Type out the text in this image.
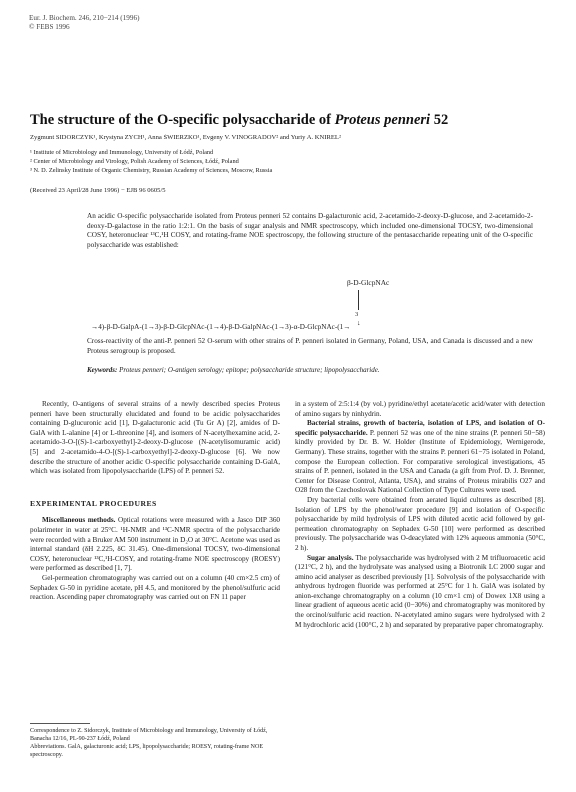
Eur. J. Biochem. 246, 210−214 (1996)
© FEBS 1996
The structure of the O-specific polysaccharide of Proteus penneri 52
Zygmunt SIDORCZYK¹, Krystyna ZYCH¹, Anna ŚWIERZKO¹, Evgeny V. VINOGRADOV² and Yuriy A. KNIREL²
¹ Institute of Microbiology and Immunology, University of Łódź, Poland
² Center of Microbiology and Virology, Polish Academy of Sciences, Łódź, Poland
³ N. D. Zelinsky Institute of Organic Chemistry, Russian Academy of Sciences, Moscow, Russia
(Received 23 April/28 June 1996) − EJB 96 0605/5
An acidic O-specific polysaccharide isolated from Proteus penneri 52 contains D-galacturonic acid, 2-acetamido-2-deoxy-D-glucose, and 2-acetamido-2-deoxy-D-galactose in the ratio 1:2:1. On the basis of sugar analysis and NMR spectroscopy, which included one-dimensional TOCSY, two-dimensional COSY, heteronuclear ¹³C,¹H COSY, and rotating-frame NOE spectroscopy, the following structure of the pentasaccharide repeating unit of the O-specific polysaccharide was established:
β-D-GlcpNAc
3
↓
→4)-β-D-GalpA-(1→3)-β-D-GlcpNAc-(1→4)-β-D-GalpNAc-(1→3)-α-D-GlcpNAc-(1→
Cross-reactivity of the anti-P. penneri 52 O-serum with other strains of P. penneri isolated in Germany, Poland, USA, and Canada is discussed and a new Proteus serogroup is proposed.
Keywords: Proteus penneri; O-antigen serology; epitope; polysaccharide structure; lipopolysaccharide.

Recently, O-antigens of several strains of a newly described species Proteus penneri have been structurally elucidated and found to be acidic polysaccharides containing D-glucuronic acid [1], D-galacturonic acid (Tu Gr A) [2], amides of D-GalA with L-alanine [4] or L-threonine [4], and isomers of N-acetylhexamine acid, 2-acetamido-3-O-[(S)-1-carboxyethyl]-2-deoxy-D-glucose (N-acetylisomuramic acid) [5] and 2-acetamido-4-O-[(S)-1-carboxyethyl]-2-deoxy-D-glucose [6]. We now describe the structure of another acidic O-specific polysaccharide containing D-GalA, which was isolated from lipopolysaccharide (LPS) of P. penneri 52.

EXPERIMENTAL PROCEDURES

Miscellaneous methods. Optical rotations were measured with a Jasco DIP 360 polarimeter in water at 25°C. ¹H-NMR and ¹³C-NMR spectra of the polysaccharide were recorded with a Bruker AM 500 instrument in D₂O at 30°C. Acetone was used as internal standard (δH 2.225, δC 31.45). One-dimensional TOCSY, two-dimensional COSY, heteronuclear ¹³C,¹H-COSY, and rotating-frame NOE spectroscopy (ROESY) were performed as described [1, 7].

Gel-permeation chromatography was carried out on a column (40 cm×2.5 cm) of Sephadex G-50 in pyridine acetate, pH 4.5, and monitored by the phenol/sulfuric acid reaction. Ascending paper chromatography was carried out on FN 11 paper

in a system of 2:5:1:4 (by vol.) pyridine/ethyl acetate/acetic acid/water with detection of amino sugars by ninhydrin.

Bacterial strains, growth of bacteria, isolation of LPS, and isolation of O-specific polysaccharide. P. penneri 52 was one of the nine strains (P. penneri 50−58) kindly provided by Dr. B. W. Holder (Institute of Epidemiology, Wernigerode, Germany). These strains, together with the strains P. penneri 61−75 isolated in Poland, compose the European collection. For comparative serological investigations, 45 strains of P. penneri, isolated in the USA and Canada (a gift from Prof. D. J. Brenner, Center for Disease Control, Atlanta, USA), and strains of Proteus mirabilis O27 and O28 from the Czechoslovak National Collection of Type Cultures were used.

Dry bacterial cells were obtained from aerated liquid cultures as described [8]. Isolation of LPS by the phenol/water procedure [9] and isolation of O-specific polysaccharide by mild hydrolysis of LPS with diluted acetic acid followed by gel-permeation chromatography on Sephadex G-50 [10] were performed as described previously. The polysaccharide was O-deacylated with 12% aqueous ammonia (50°C, 2 h).

Sugar analysis. The polysaccharide was hydrolysed with 2 M trifluoroacetic acid (121°C, 2 h), and the hydrolysate was analysed using a Biotronik LC 2000 sugar and amino acid analyser as described previously [1]. Solvolysis of the polysaccharide with anhydrous hydrogen fluoride was performed at 25°C for 1 h. GalA was isolated by anion-exchange chromatography on a column (10 cm×1 cm) of Dowex 1X8 using a linear gradient of aqueous acetic acid (0−30%) and chromatography was monitored by the orcinol/sulfuric acid reaction. N-acetylated amino sugars were hydrolysed with 2 M hydrochloric acid (100°C, 2 h) and separated by preparative paper chromatography.

Correspondence to Z. Sidorczyk, Institute of Microbiology and Immunology, University of Łódź, Banacha 12/16, PL-90-237 Łódź, Poland
Abbreviations. GalA, galacturonic acid; LPS, lipopolysaccharide; ROESY, rotating-frame NOE spectroscopy.
